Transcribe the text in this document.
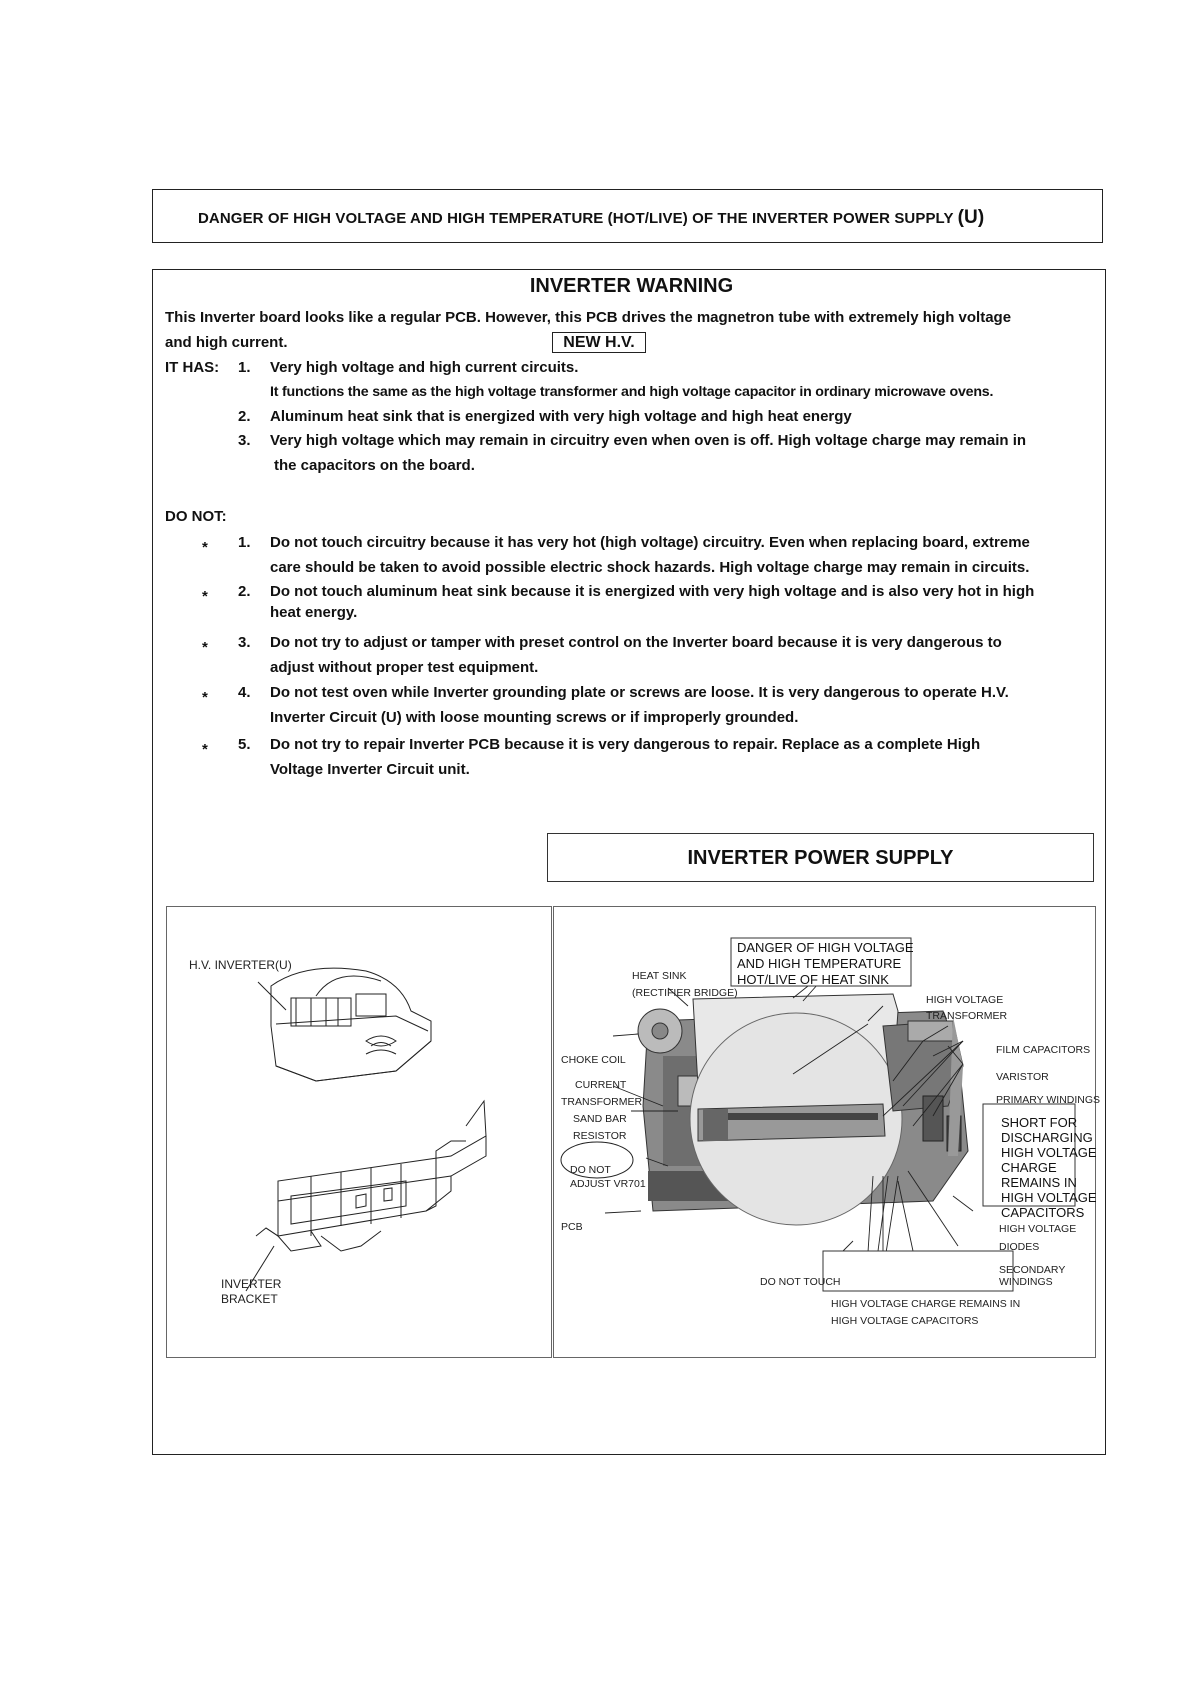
DANGER OF HIGH VOLTAGE AND HIGH TEMPERATURE (HOT/LIVE) OF THE INVERTER POWER SUPPLY (U)
INVERTER WARNING
This Inverter board looks like a regular PCB. However, this PCB drives the magnetron tube with extremely high voltage
and high current.	NEW H.V.
IT HAS: 1. Very high voltage and high current circuits.
It functions the same as the high voltage transformer and high voltage capacitor in ordinary microwave ovens.
2. Aluminum heat sink that is energized with very high voltage and high heat energy
3. Very high voltage which may remain in circuitry even when oven is off. High voltage charge may remain in
the capacitors on the board.
DO NOT:
* 1. Do not touch circuitry because it has very hot (high voltage) circuitry. Even when replacing board, extreme
care should be taken to avoid possible electric shock hazards. High voltage charge may remain in circuits.
* 2. Do not touch aluminum heat sink because it is energized with very high voltage and is also very hot in high
heat energy.
* 3. Do not try to adjust or tamper with preset control on the Inverter board because it is very dangerous to
adjust without proper test equipment.
* 4. Do not test oven while Inverter grounding plate or screws are loose. It is very dangerous to operate H.V.
Inverter Circuit (U) with loose mounting screws or if improperly grounded.
* 5. Do not try to repair Inverter PCB because it is very dangerous to repair. Replace as a complete High
Voltage Inverter Circuit unit.
INVERTER POWER SUPPLY
H.V. INVERTER(U)
INVERTER
BRACKET
DANGER OF HIGH VOLTAGE
AND HIGH TEMPERATURE
HOT/LIVE OF HEAT SINK
HEAT SINK
(RECTIFIER BRIDGE)
HIGH VOLTAGE
TRANSFORMER
FILM CAPACITORS
VARISTOR
PRIMARY WINDINGS
SHORT FOR
DISCHARGING
HIGH VOLTAGE
CHARGE
REMAINS IN
HIGH VOLTAGE
CAPACITORS
CHOKE COIL
CURRENT
TRANSFORMER
SAND BAR
RESISTOR
DO NOT
ADJUST VR701
PCB	HIGH VOLTAGE
DIODES
SECONDARY
WINDINGS
DO NOT TOUCH
HIGH VOLTAGE CHARGE REMAINS IN
HIGH VOLTAGE CAPACITORS
